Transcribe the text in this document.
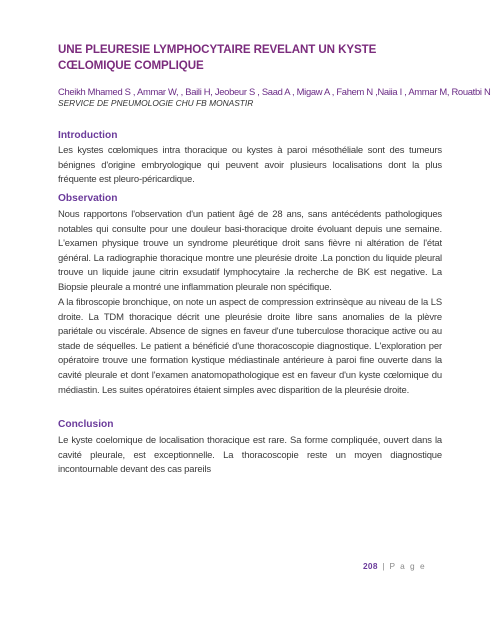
UNE PLEURESIE LYMPHOCYTAIRE REVELANT UN KYSTE CŒLOMIQUE COMPLIQUE
Cheikh Mhamed S , Ammar W, , Baili H, Jeobeur S , Saad A , Migaw A , Fahem N ,Naiia I , Ammar M, Rouatbi N
SERVICE DE PNEUMOLOGIE CHU FB MONASTIR
Introduction
Les kystes cœlomiques intra thoracique ou kystes à paroi mésothéliale sont des tumeurs bénignes d'origine embryologique qui peuvent avoir plusieurs localisations dont la plus fréquente est pleuro-péricardique.
Observation
Nous rapportons l'observation d'un patient âgé de 28 ans, sans antécédents pathologiques notables qui consulte pour une douleur basi-thoracique droite évoluant depuis une semaine. L'examen physique trouve un syndrome pleurétique droit sans fièvre ni altération de l'état général. La radiographie thoracique montre une pleurésie droite .La ponction du liquide pleural trouve un liquide jaune citrin exsudatif lymphocytaire .la recherche de BK est negative. La Biopsie pleurale a montré une inflammation pleurale non spécifique.
A la fibroscopie bronchique, on note un aspect de compression extrinsèque au niveau de la LS droite. La TDM thoracique décrit une pleurésie droite libre sans anomalies de la plèvre pariétale ou viscérale. Absence de signes en faveur d'une tuberculose thoracique active ou au stade de séquelles. Le patient a bénéficié d'une thoracoscopie diagnostique. L'exploration per opératoire trouve une formation kystique médiastinale antérieure à paroi fine ouverte dans la cavité pleurale et dont l'examen anatomopathologique est en faveur d'un kyste cœlomique du médiastin. Les suites opératoires étaient simples avec disparition de la pleurésie droite.
Conclusion
Le kyste coelomique de localisation thoracique est rare. Sa forme compliquée, ouvert dans la cavité pleurale, est exceptionnelle. La thoracoscopie reste un moyen diagnostique incontournable devant des cas pareils
208 | P a g e
